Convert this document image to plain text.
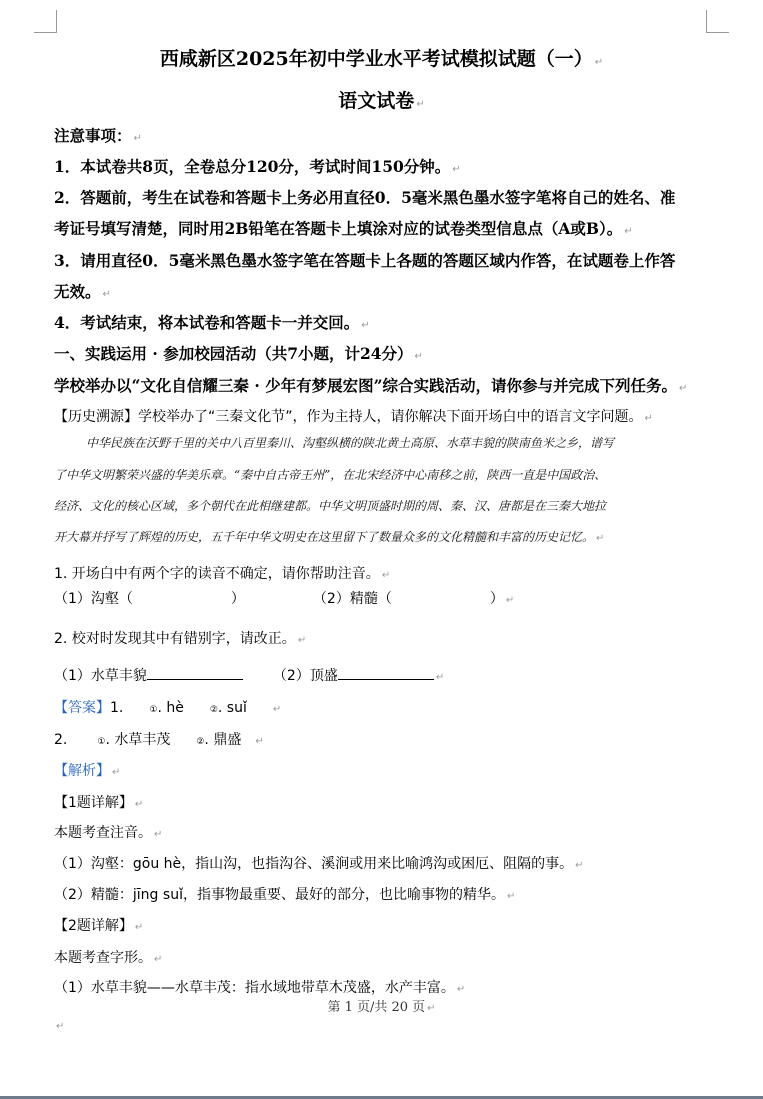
西咸新区2025年初中学业水平考试模拟试题（一） ↵
语文试卷 ↵
注意事项： ↵
1．本试卷共8页，全卷总分120分，考试时间150分钟。 ↵
2．答题前，考生在试卷和答题卡上务必用直径0．5毫米黑色墨水签字笔将自己的姓名、准
考证号填写清楚，同时用2B铅笔在答题卡上填涂对应的试卷类型信息点（A或B）。 ↵
3．请用直径0．5毫米黑色墨水签字笔在答题卡上各题的答题区域内作答，在试题卷上作答
无效。 ↵
4．考试结束，将本试卷和答题卡一并交回。 ↵
一、实践运用 · 参加校园活动（共7小题，计24分） ↵
学校举办以“文化自信耀三秦 · 少年有梦展宏图”综合实践活动，请你参与并完成下列任务。 ↵
【历史溯源】学校举办了“三秦文化节”，作为主持人，请你解决下面开场白中的语言文字问题。 ↵
中华民族在沃野千里的关中八百里秦川、沟壑纵横的陕北黄土高原、水草丰貌的陕南鱼米之乡，谱写
了中华文明繁荣兴盛的华美乐章。“秦中自古帝王州”，在北宋经济中心南移之前，陕西一直是中国政治、
经济、文化的核心区域，多个朝代在此相继建都。中华文明顶盛时期的周、秦、汉、唐都是在三秦大地拉
开大幕并抒写了辉煌的历史，五千年中华文明史在这里留下了数量众多的文化精髓和丰富的历史记忆。 ↵
1. 开场白中有两个字的读音不确定，请你帮助注音。 ↵
（1）沟壑（	）	（2）精髓（	） ↵
2. 校对时发现其中有错别字，请改正。 ↵
（1）水草丰貌	（2）顶盛	↵
【答案】1.	①. hè	②. suǐ	↵
2.	①. 水草丰茂	②. 鼎盛 ↵
【解析】 ↵
【1题详解】 ↵
本题考查注音。 ↵
（1）沟壑：gōu hè，指山沟，也指沟谷、溪涧或用来比喻鸿沟或困厄、阻隔的事。 ↵
（2）精髓：jīng suǐ，指事物最重要、最好的部分，也比喻事物的精华。 ↵
【2题详解】 ↵
本题考查字形。 ↵
（1）水草丰貌——水草丰茂：指水域地带草木茂盛，水产丰富。 ↵
第 1 页/共 20 页 ↵
↵
